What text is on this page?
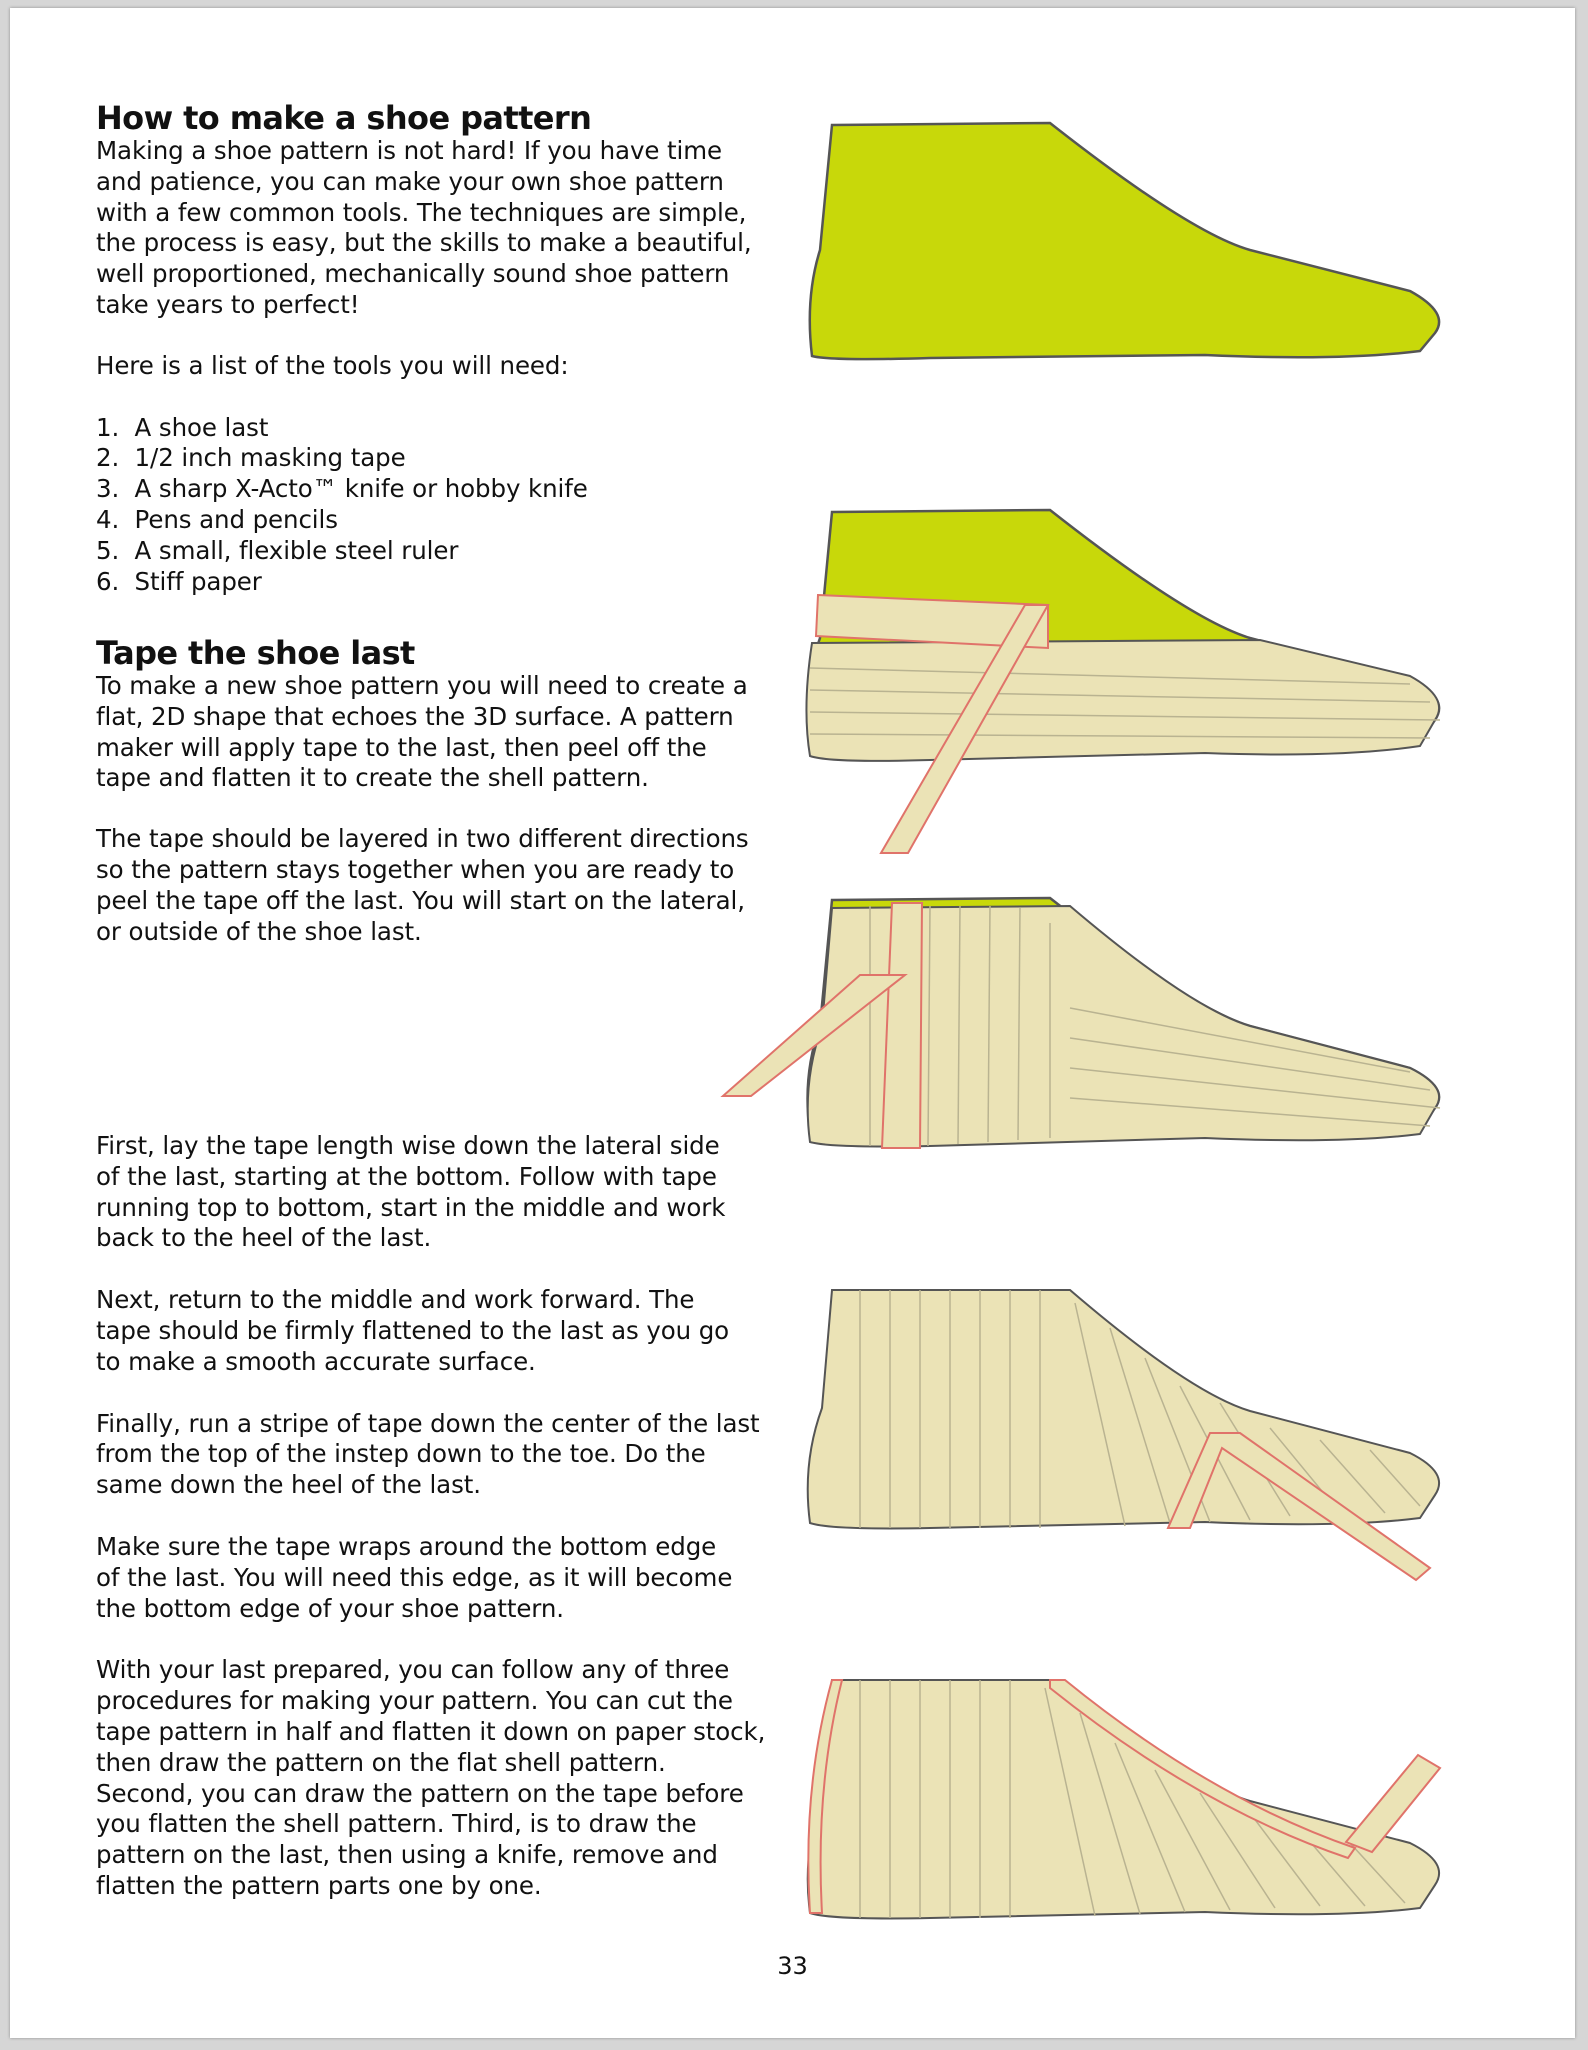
How to make a shoe pattern

Making a shoe pattern is not hard! If you have time and patience, you can make your own shoe pattern with a few common tools. The techniques are simple, the process is easy, but the skills to make a beautiful, well proportioned, mechanically sound shoe pattern take years to perfect!

Here is a list of the tools you will need:

1.  A shoe last
2.  1/2 inch masking tape
3.  A sharp X-Acto™ knife or hobby knife
4.  Pens and pencils
5.  A small, flexible steel ruler
6.  Stiff paper
Tape the shoe last

To make a new shoe pattern you will need to create a flat, 2D shape that echoes the 3D surface. A pattern maker will apply tape to the last, then peel off the tape and flatten it to create the shell pattern.

The tape should be layered in two different directions so the pattern stays together when you are ready to peel the tape off the last. You will start on the lateral, or outside of the shoe last.

First, lay the tape length wise down the lateral side of the last, starting at the bottom. Follow with tape running top to bottom, start in the middle and work back to the heel of the last.

Next, return to the middle and work forward. The tape should be firmly flattened to the last as you go to make a smooth accurate surface.

Finally, run a stripe of tape down the center of the last from the top of the instep down to the toe. Do the same down the heel of the last.

Make sure the tape wraps around the bottom edge of the last. You will need this edge, as it will become the bottom edge of your shoe pattern.

With your last prepared, you can follow any of three procedures for making your pattern. You can cut the tape pattern in half and flatten it down on paper stock, then draw the pattern on the flat shell pattern. Second, you can draw the pattern on the tape before you flatten the shell pattern. Third, is to draw the pattern on the last, then using a knife, remove and flatten the pattern parts one by one.

33
